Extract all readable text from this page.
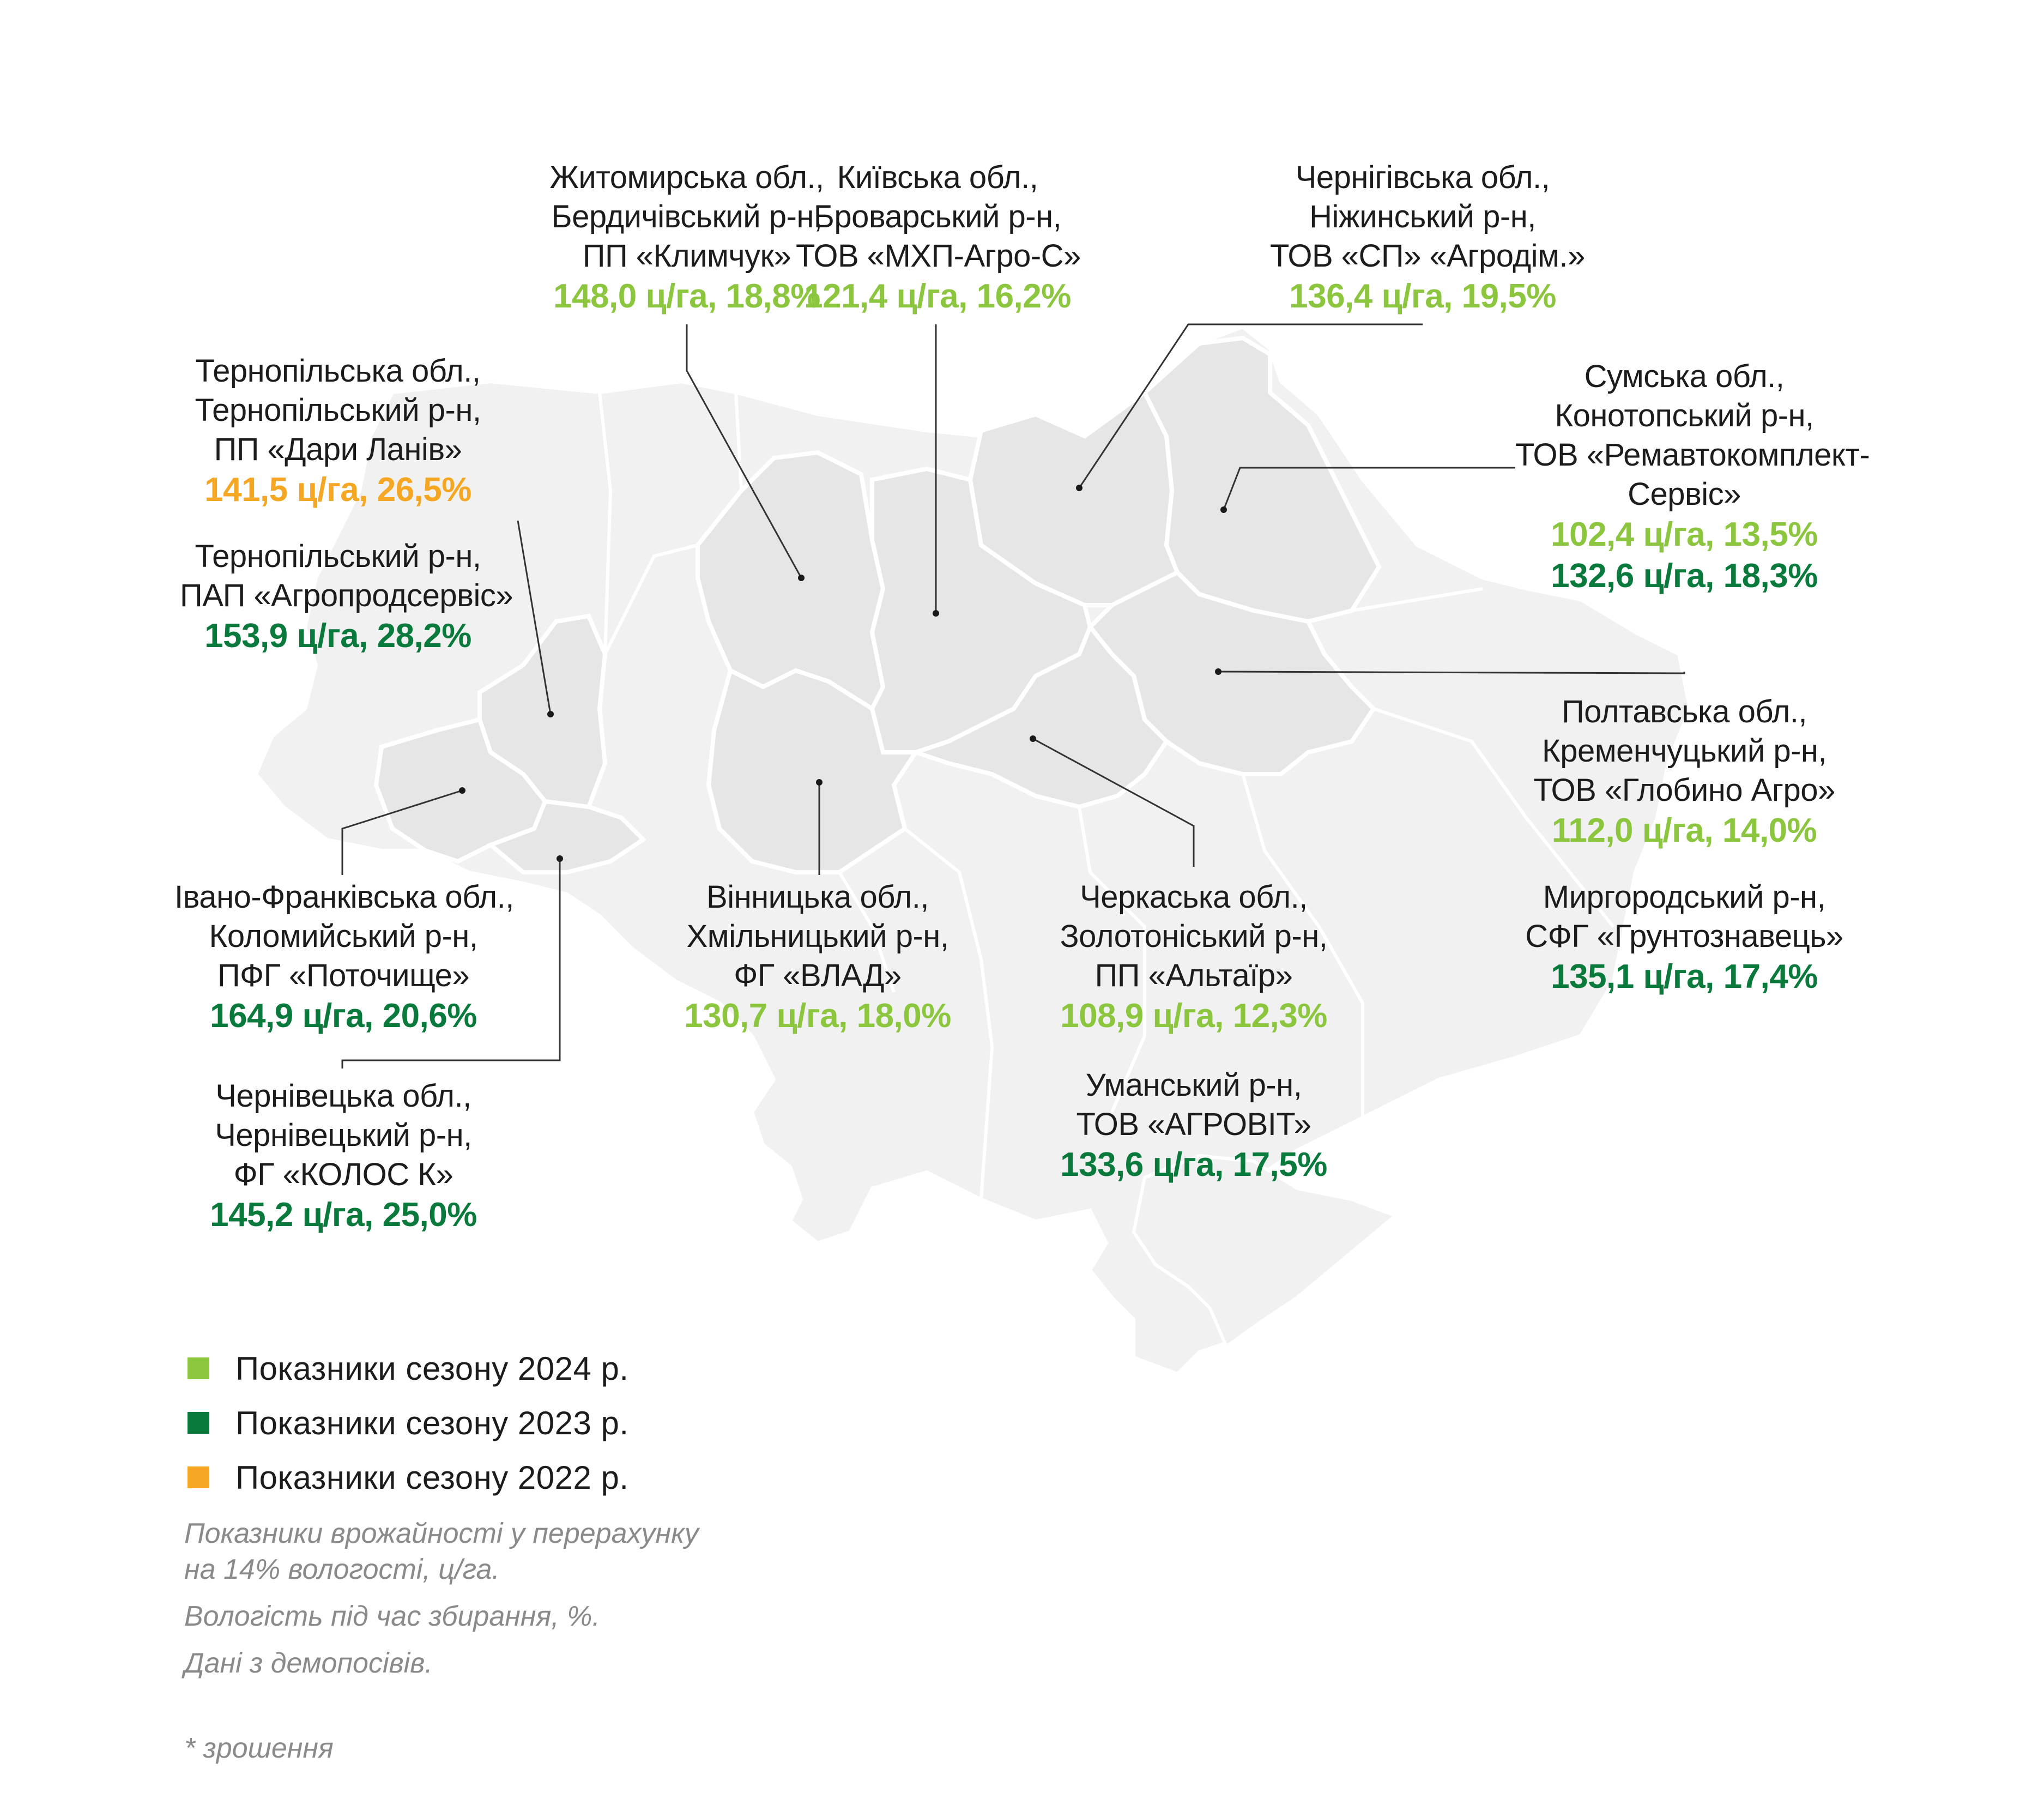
Житомирська обл.,
Бердичівський р-н,
ПП «Климчук»
148,0 ц/га, 18,8%
Київська обл.,
Броварський р-н,
ТОВ «МХП-Агро-С»
121,4 ц/га, 16,2%
Чернігівська обл.,
Ніжинський р-н,
ТОВ «СП» «Агродім.»
136,4 ц/га, 19,5%
Тернопільська обл.,
Тернопільський р-н,
ПП «Дари Ланів»
141,5 ц/га, 26,5%
Тернопільський р-н,
ПАП «Агропродсервіс»
153,9 ц/га, 28,2%
Сумська обл.,
Конотопський р-н,
ТОВ «Ремавтокомплект-
Сервіс»
102,4 ц/га, 13,5%
132,6 ц/га, 18,3%
Полтавська обл.,
Кременчуцький р-н,
ТОВ «Глобино Агро»
112,0 ц/га, 14,0%
Миргородський р-н,
СФГ «Грунтознавець»
135,1 ц/га, 17,4%
Івано-Франківська обл.,
Коломийський р-н,
ПФГ «Поточище»
164,9 ц/га, 20,6%
Вінницька обл.,
Хмільницький р-н,
ФГ «ВЛАД»
130,7 ц/га, 18,0%
Черкаська обл.,
Золотоніський р-н,
ПП «Альтаїр»
108,9 ц/га, 12,3%
Уманський р-н,
ТОВ «АГРОВІТ»
133,6 ц/га, 17,5%
Чернівецька обл.,
Чернівецький р-н,
ФГ «КОЛОС К»
145,2 ц/га, 25,0%
Показники сезону 2024 р.
Показники сезону 2023 р.
Показники сезону 2022 р.
Показники врожайності у перерахунку
на 14% вологості, ц/га.
Вологість під час збирання, %.
Дані з демопосівів.
* зрошення
